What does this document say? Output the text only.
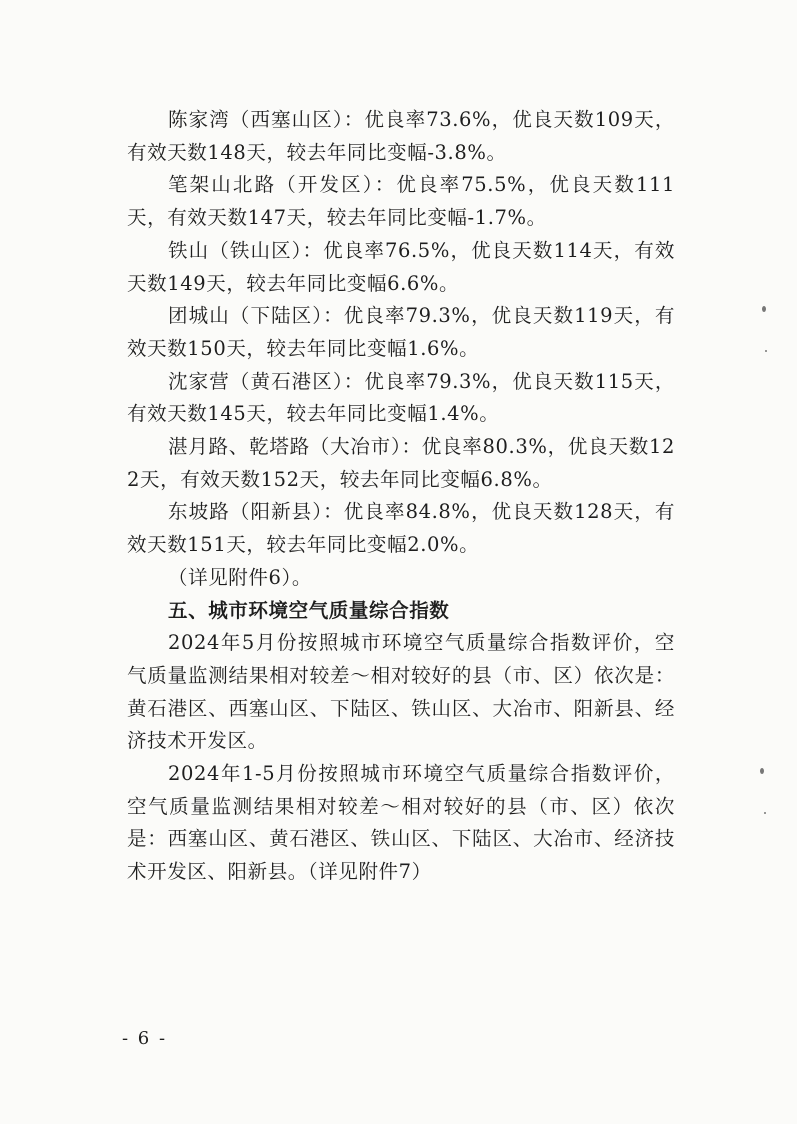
陈家湾（西塞山区）：优良率73.6%，优良天数109天，有效天数148天，较去年同比变幅-3.8%。

笔架山北路（开发区）：优良率75.5%，优良天数111天，有效天数147天，较去年同比变幅-1.7%。

铁山（铁山区）：优良率76.5%，优良天数114天，有效天数149天，较去年同比变幅6.6%。

团城山（下陆区）：优良率79.3%，优良天数119天，有效天数150天，较去年同比变幅1.6%。

沈家营（黄石港区）：优良率79.3%，优良天数115天，有效天数145天，较去年同比变幅1.4%。

湛月路、乾塔路（大冶市）：优良率80.3%，优良天数122天，有效天数152天，较去年同比变幅6.8%。

东坡路（阳新县）：优良率84.8%，优良天数128天，有效天数151天，较去年同比变幅2.0%。

（详见附件6）。

五、城市环境空气质量综合指数

2024年5月份按照城市环境空气质量综合指数评价，空气质量监测结果相对较差～相对较好的县（市、区）依次是：黄石港区、西塞山区、下陆区、铁山区、大冶市、阳新县、经济技术开发区。

2024年1-5月份按照城市环境空气质量综合指数评价，空气质量监测结果相对较差～相对较好的县（市、区）依次是：西塞山区、黄石港区、铁山区、下陆区、大冶市、经济技术开发区、阳新县。（详见附件7）

- 6 -
